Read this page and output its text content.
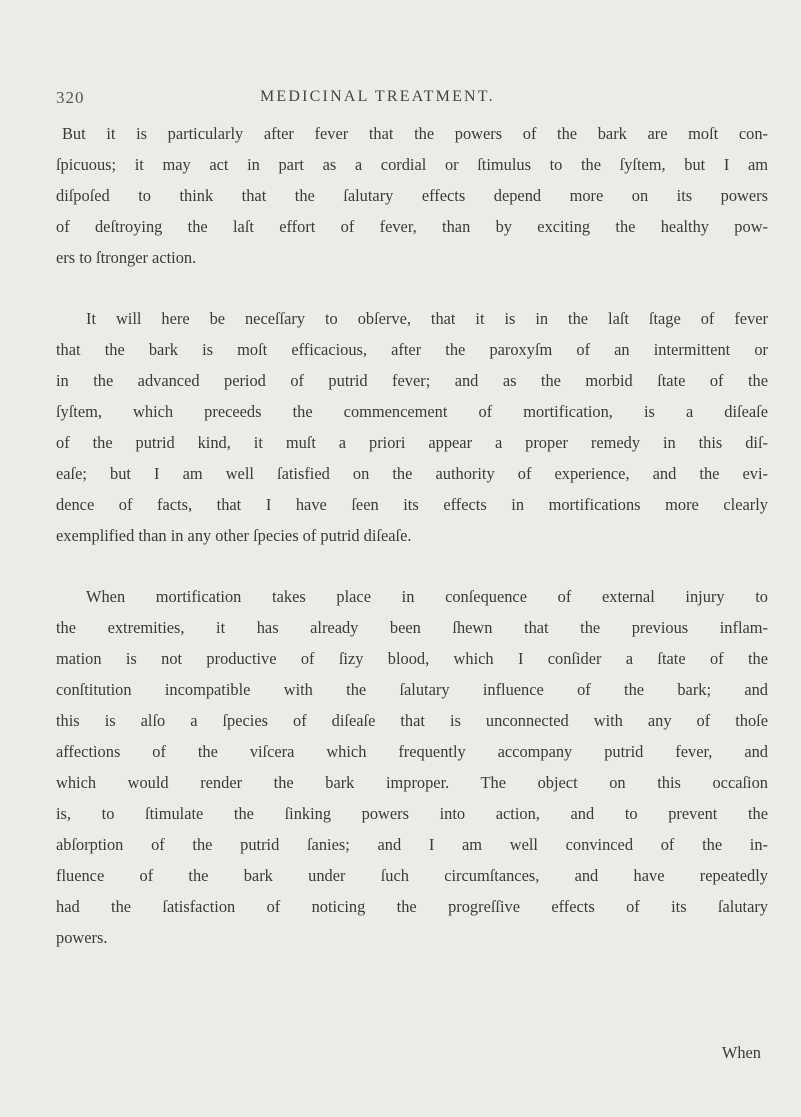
320	MEDICINAL TREATMENT.

But it is particularly after fever that the powers of the bark are moſt con-
ſpicuous; it may act in part as a cordial or ſtimulus to the ſyſtem, but I am
diſpoſed to think that the ſalutary effects depend more on its powers
of deſtroying the laſt effort of fever, than by exciting the healthy pow-
ers to ſtronger action.

It will here be neceſſary to obſerve, that it is in the laſt ſtage of fever
that the bark is moſt efficacious, after the paroxyſm of an intermittent or
in the advanced period of putrid fever; and as the morbid ſtate of the
ſyſtem, which preceeds the commencement of mortification, is a diſeaſe
of the putrid kind, it muſt a priori appear a proper remedy in this diſ-
eaſe; but I am well ſatisfied on the authority of experience, and the evi-
dence of facts, that I have ſeen its effects in mortifications more clearly
exemplified than in any other ſpecies of putrid diſeaſe.

When mortification takes place in conſequence of external injury to
the extremities, it has already been ſhewn that the previous inflam-
mation is not productive of ſizy blood, which I conſider a ſtate of the
conſtitution incompatible with the ſalutary influence of the bark; and
this is alſo a ſpecies of diſeaſe that is unconnected with any of thoſe
affections of the viſcera which frequently accompany putrid fever, and
which would render the bark improper. The object on this occaſion
is, to ſtimulate the ſinking powers into action, and to prevent the
abſorption of the putrid ſanies; and I am well convinced of the in-
fluence of the bark under ſuch circumſtances, and have repeatedly
had the ſatisfaction of noticing the progreſſive effects of its ſalutary
powers.

When
